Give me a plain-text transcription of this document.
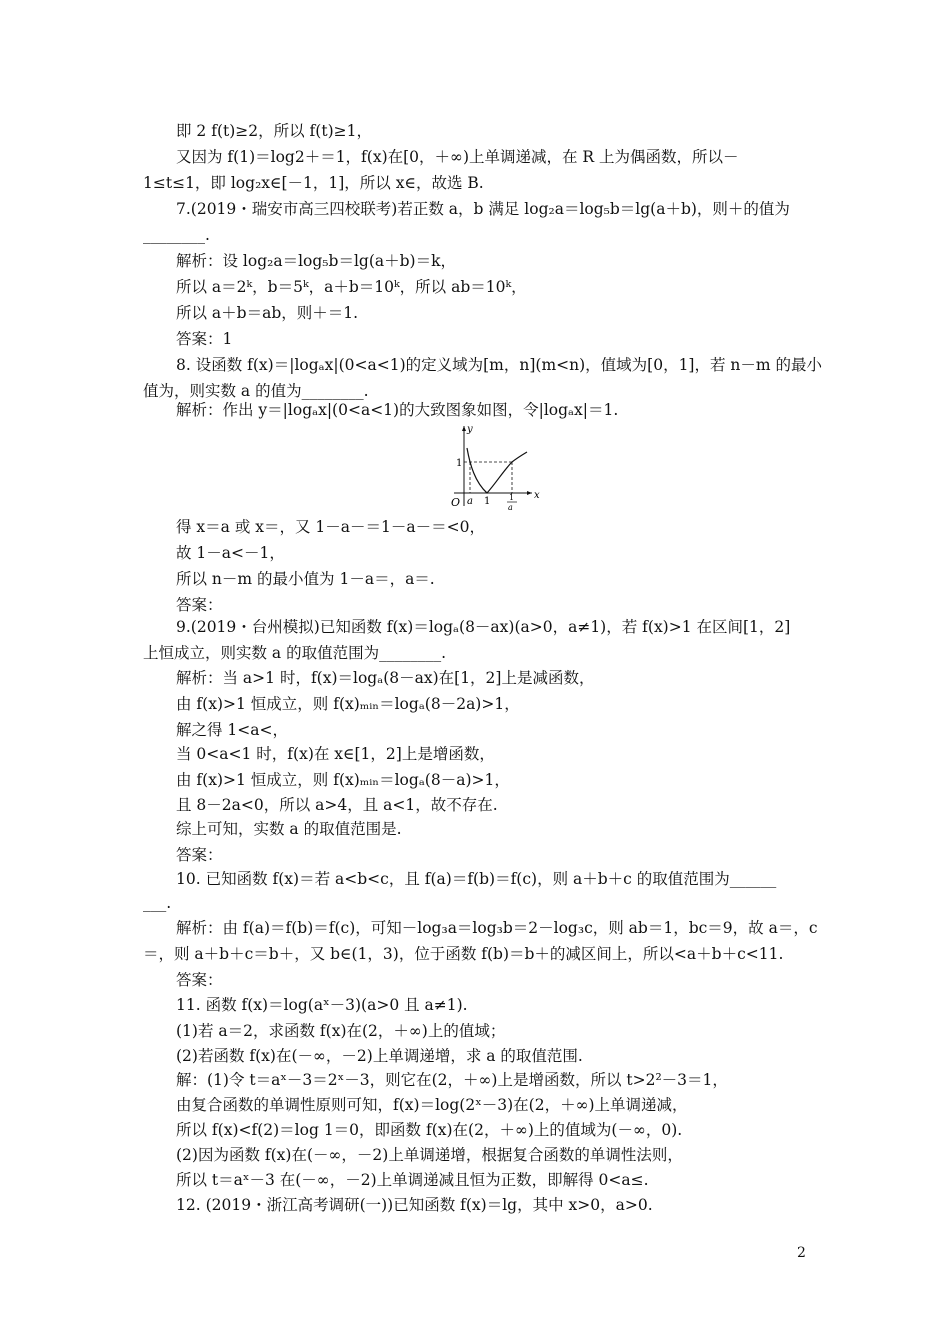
即 2 f(t)≥2，所以 f(t)≥1，
又因为 f(1)＝log2＋＝1，f(x)在[0，＋∞)上单调递减，在 R 上为偶函数，所以－
1≤t≤1，即 log₂x∈[－1，1]，所以 x∈，故选 B.
7.(2019・瑞安市高三四校联考)若正数 a，b 满足 log₂a＝log₅b＝lg(a＋b)，则＋的值为
________.
解析：设 log₂a＝log₅b＝lg(a＋b)＝k，
所以 a＝2ᵏ，b＝5ᵏ，a＋b＝10ᵏ，所以 ab＝10ᵏ，
所以 a＋b＝ab，则＋＝1.
答案：1
8. 设函数 f(x)＝|logₐx|(0<a<1)的定义域为[m，n](m<n)，值域为[0，1]，若 n－m 的最小
值为，则实数 a 的值为________.
解析：作出 y＝|logₐx|(0<a<1)的大致图象如图，令|logₐx|＝1.
y
x
O
1
a 1 1
a
得 x＝a 或 x＝，又 1－a－＝1－a－＝<0，
故 1－a<－1，
所以 n－m 的最小值为 1－a＝，a＝.
答案：
9.(2019・台州模拟)已知函数 f(x)＝logₐ(8－ax)(a>0，a≠1)，若 f(x)>1 在区间[1，2]
上恒成立，则实数 a 的取值范围为________.
解析：当 a>1 时，f(x)＝logₐ(8－ax)在[1，2]上是减函数，
由 f(x)>1 恒成立，则 f(x)ₘᵢₙ＝logₐ(8－2a)>1，
解之得 1<a<，
当 0<a<1 时，f(x)在 x∈[1，2]上是增函数，
由 f(x)>1 恒成立，则 f(x)ₘᵢₙ＝logₐ(8－a)>1，
且 8－2a<0，所以 a>4，且 a<1，故不存在.
综上可知，实数 a 的取值范围是.
答案：
10. 已知函数 f(x)＝若 a<b<c，且 f(a)＝f(b)＝f(c)，则 a＋b＋c 的取值范围为______
___.
解析：由 f(a)＝f(b)＝f(c)，可知－log₃a＝log₃b＝2－log₃c，则 ab＝1，bc＝9，故 a＝，c
＝，则 a＋b＋c＝b＋，又 b∈(1，3)，位于函数 f(b)＝b＋的减区间上，所以<a＋b＋c<11.
答案：
11. 函数 f(x)＝log(aˣ－3)(a>0 且 a≠1).
(1)若 a＝2，求函数 f(x)在(2，＋∞)上的值域；
(2)若函数 f(x)在(－∞，－2)上单调递增，求 a 的取值范围.
解：(1)令 t＝aˣ－3＝2ˣ－3，则它在(2，＋∞)上是增函数，所以 t>2²－3＝1，
由复合函数的单调性原则可知，f(x)＝log(2ˣ－3)在(2，＋∞)上单调递减，
所以 f(x)<f(2)＝log 1＝0，即函数 f(x)在(2，＋∞)上的值域为(－∞，0).
(2)因为函数 f(x)在(－∞，－2)上单调递增，根据复合函数的单调性法则，
所以 t＝aˣ－3 在(－∞，－2)上单调递减且恒为正数，即解得 0<a≤.
12. (2019・浙江高考调研(一))已知函数 f(x)＝lg，其中 x>0，a>0.
2
